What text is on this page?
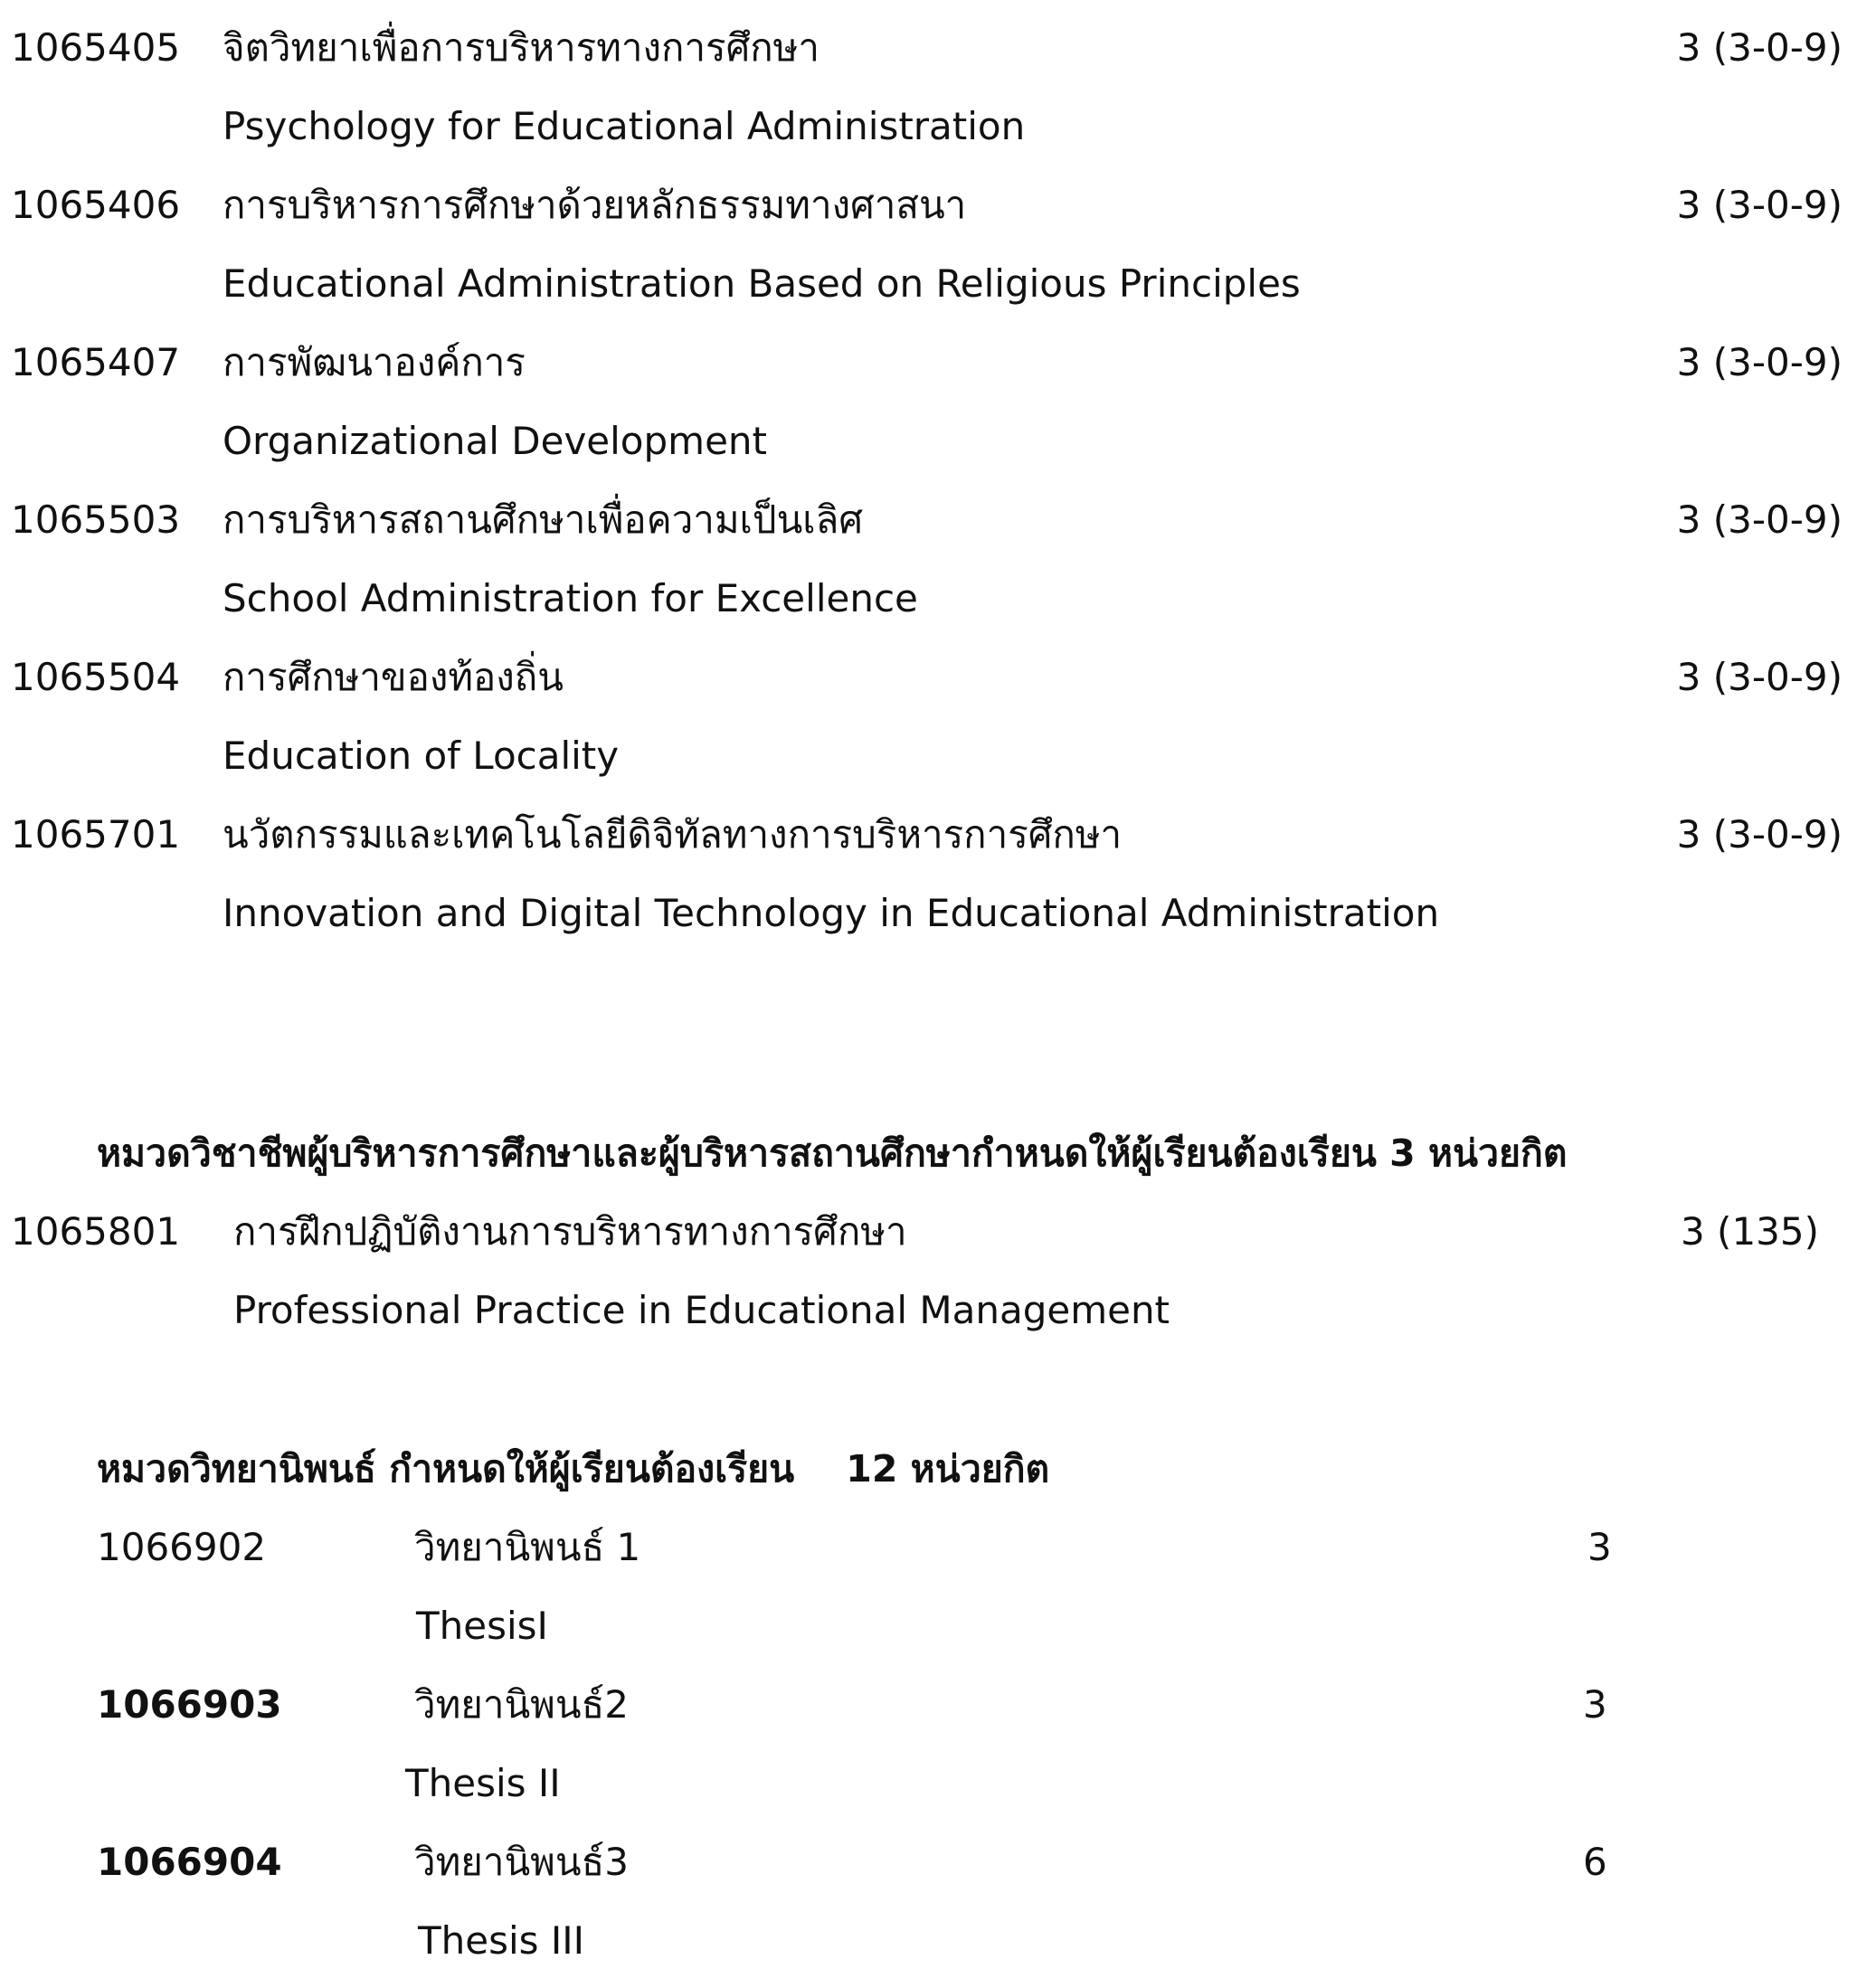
1065405 จิตวิทยาเพื่อการบริหารทางการศึกษา	3 (3-0-9)
Psychology for Educational Administration
1065406 การบริหารการศึกษาด้วยหลักธรรมทางศาสนา	3 (3-0-9)
Educational Administration Based on Religious Principles
1065407 การพัฒนาองค์การ	3 (3-0-9)
Organizational Development
1065503 การบริหารสถานศึกษาเพื่อความเป็นเลิศ	3 (3-0-9)
School Administration for Excellence
1065504 การศึกษาของท้องถิ่น	3 (3-0-9)
Education of Locality
1065701 นวัตกรรมและเทคโนโลยีดิจิทัลทางการบริหารการศึกษา	3 (3-0-9)
Innovation and Digital Technology in Educational Administration
หมวดวิชาชีพผู้บริหารการศึกษาและผู้บริหารสถานศึกษากำหนดให้ผู้เรียนต้องเรียน 3 หน่วยกิต
1065801 การฝึกปฏิบัติงานการบริหารทางการศึกษา	3 (135)
Professional Practice in Educational Management
หมวดวิทยานิพนธ์ กำหนดให้ผู้เรียนต้องเรียน    12 หน่วยกิต
1066902	วิทยานิพนธ์ 1	3
ThesisI
1066903	วิทยานิพนธ์2	3
Thesis II
1066904	วิทยานิพนธ์3	6
Thesis III
